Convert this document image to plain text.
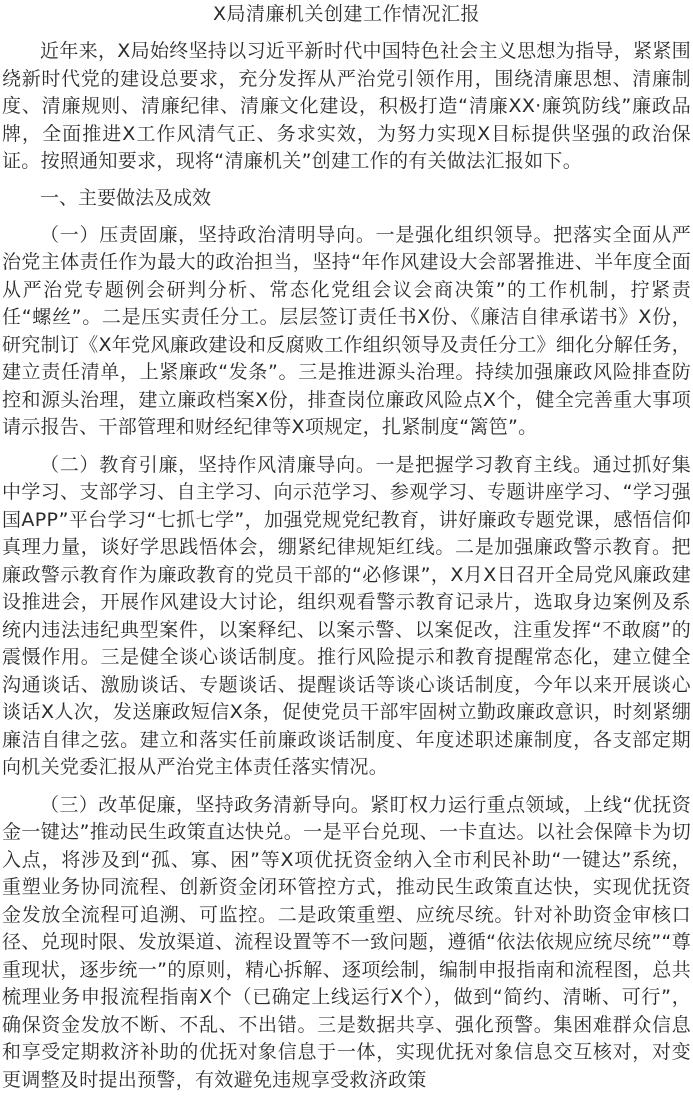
X局清廉机关创建工作情况汇报

近年来，X局始终坚持以习近平新时代中国特色社会主义思想为指导，紧紧围绕新时代党的建设总要求，充分发挥从严治党引领作用，围绕清廉思想、清廉制度、清廉规则、清廉纪律、清廉文化建设，积极打造“清廉XX·廉筑防线”廉政品牌，全面推进X工作风清气正、务求实效，为努力实现X目标提供坚强的政治保证。按照通知要求，现将“清廉机关”创建工作的有关做法汇报如下。

一、主要做法及成效

（一）压责固廉，坚持政治清明导向。一是强化组织领导。把落实全面从严治党主体责任作为最大的政治担当，坚持“年作风建设大会部署推进、半年度全面从严治党专题例会研判分析、常态化党组会议会商决策”的工作机制，拧紧责任“螺丝”。二是压实责任分工。层层签订责任书X份、《廉洁自律承诺书》X份，研究制订《X年党风廉政建设和反腐败工作组织领导及责任分工》细化分解任务，建立责任清单，上紧廉政“发条”。三是推进源头治理。持续加强廉政风险排查防控和源头治理，建立廉政档案X份，排查岗位廉政风险点X个，健全完善重大事项请示报告、干部管理和财经纪律等X项规定，扎紧制度“篱笆”。

（二）教育引廉，坚持作风清廉导向。一是把握学习教育主线。通过抓好集中学习、支部学习、自主学习、向示范学习、参观学习、专题讲座学习、“学习强国APP”平台学习“七抓七学”，加强党规党纪教育，讲好廉政专题党课，感悟信仰真理力量，谈好学思践悟体会，绷紧纪律规矩红线。二是加强廉政警示教育。把廉政警示教育作为廉政教育的党员干部的“必修课”，X月X日召开全局党风廉政建设推进会，开展作风建设大讨论，组织观看警示教育记录片，选取身边案例及系统内违法违纪典型案件，以案释纪、以案示警、以案促改，注重发挥“不敢腐”的震慑作用。三是健全谈心谈话制度。推行风险提示和教育提醒常态化，建立健全沟通谈话、激励谈话、专题谈话、提醒谈话等谈心谈话制度，今年以来开展谈心谈话X人次，发送廉政短信X条，促使党员干部牢固树立勤政廉政意识，时刻紧绷廉洁自律之弦。建立和落实任前廉政谈话制度、年度述职述廉制度，各支部定期向机关党委汇报从严治党主体责任落实情况。

（三）改革促廉，坚持政务清新导向。紧盯权力运行重点领域，上线“优抚资金一键达”推动民生政策直达快兑。一是平台兑现、一卡直达。以社会保障卡为切入点，将涉及到“孤、寡、困”等X项优抚资金纳入全市利民补助“一键达”系统，重塑业务协同流程、创新资金闭环管控方式，推动民生政策直达快，实现优抚资金发放全流程可追溯、可监控。二是政策重塑、应统尽统。针对补助资金审核口径、兑现时限、发放渠道、流程设置等不一致问题，遵循“依法依规应统尽统”“尊重现状，逐步统一”的原则，精心拆解、逐项绘制，编制申报指南和流程图，总共梳理业务申报流程指南X个（已确定上线运行X个），做到“简约、清晰、可行”，确保资金发放不断、不乱、不出错。三是数据共享、强化预警。集困难群众信息和享受定期救济补助的优抚对象信息于一体，实现优抚对象信息交互核对，对变更调整及时提出预警，有效避免违规享受救济政策
